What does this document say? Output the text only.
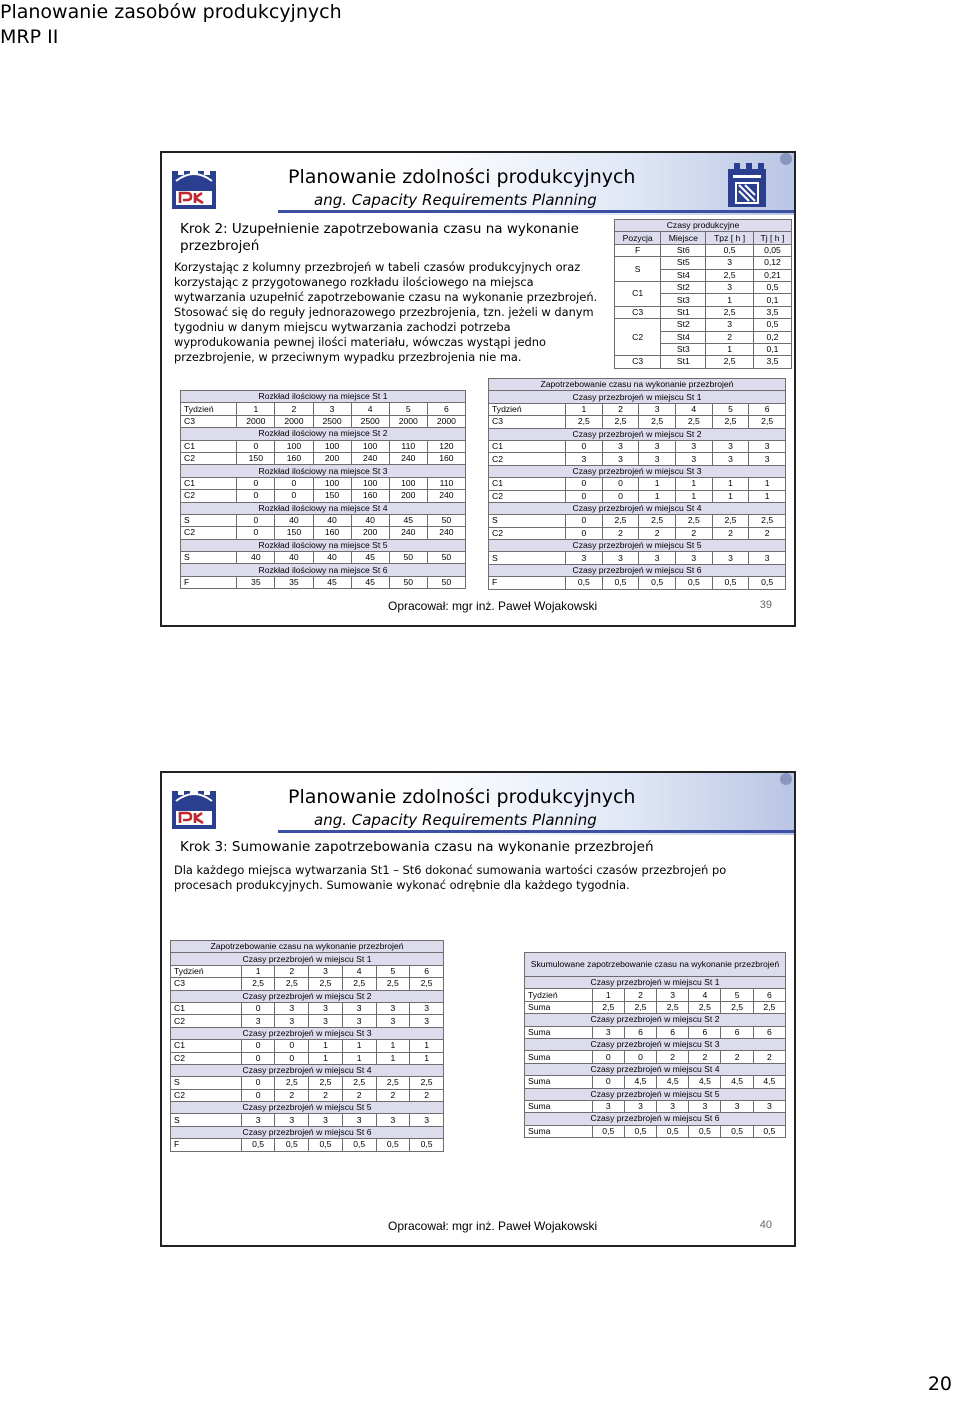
Planowanie zasobów produkcyjnych
MRP II
Planowanie zdolności produkcyjnych
ang. Capacity Requirements Planning
Krok 2: Uzupełnienie zapotrzebowania czasu na wykonanie przezbrojeń
Korzystając z kolumny przezbrojeń w tabeli czasów produkcyjnych oraz korzystając z przygotowanego rozkładu ilościowego na miejsca wytwarzania uzupełnić zapotrzebowanie czasu na wykonanie przezbrojeń. Stosować się do reguły jednorazowego przezbrojenia, tzn. jeżeli w danym tygodniu w danym miejscu wytwarzania zachodzi potrzeba wyprodukowania pewnej ilości materiału, wówczas wystąpi jedno przezbrojenie, w przeciwnym wypadku przezbrojenia nie ma.
Czasy produkcyjne			
Pozycja	Miejsce	Tpz [ h ]	Tj [ h ]
F	St6	0,5	0,05
S	St5	3	0,12
	St4	2,5	0,21
C1	St2	3	0,5
	St3	1	0,1
C3	St1	2,5	3,5
C2	St2	3	0,5
	St4	2	0,2
	St3	1	0,1
C3	St1	2,5	3,5
Rozkład ilościowy na miejsce St 1						
Tydzień	1	2	3	4	5	6
C3	2000	2000	2500	2500	2000	2000
Rozkład ilościowy na miejsce St 2						
C1	0	100	100	100	110	120
C2	150	160	200	240	240	160
Rozkład ilościowy na miejsce St 3						
C1	0	0	100	100	100	110
C2	0	0	150	160	200	240
Rozkład ilościowy na miejsce St 4						
S	0	40	40	40	45	50
C2	0	150	160	200	240	240
Rozkład ilościowy na miejsce St 5						
S	40	40	40	45	50	50
Rozkład ilościowy na miejsce St 6						
F	35	35	45	45	50	50
Zapotrzebowanie czasu na wykonanie przezbrojeń						
Czasy przezbrojeń w miejscu St 1						
Tydzień	1	2	3	4	5	6
C3	2,5	2,5	2,5	2,5	2,5	2,5
Czasy przezbrojeń w miejscu St 2						
C1	0	3	3	3	3	3
C2	3	3	3	3	3	3
Czasy przezbrojeń w miejscu St 3						
C1	0	0	1	1	1	1
C2	0	0	1	1	1	1
Czasy przezbrojeń w miejscu St 4						
S	0	2,5	2,5	2,5	2,5	2,5
C2	0	2	2	2	2	2
Czasy przezbrojeń w miejscu St 5						
S	3	3	3	3	3	3
Czasy przezbrojeń w miejscu St 6						
F	0,5	0,5	0,5	0,5	0,5	0,5
Opracował: mgr inż. Paweł Wojakowski	39
Planowanie zdolności produkcyjnych
ang. Capacity Requirements Planning
Krok 3: Sumowanie zapotrzebowania czasu na wykonanie przezbrojeń
Dla każdego miejsca wytwarzania St1 – St6 dokonać sumowania wartości czasów przezbrojeń po procesach produkcyjnych. Sumowanie wykonać odrębnie dla każdego tygodnia.
Zapotrzebowanie czasu na wykonanie przezbrojeń						
Czasy przezbrojeń w miejscu St 1						
Tydzień	1	2	3	4	5	6
C3	2,5	2,5	2,5	2,5	2,5	2,5
Czasy przezbrojeń w miejscu St 2						
C1	0	3	3	3	3	3
C2	3	3	3	3	3	3
Czasy przezbrojeń w miejscu St 3						
C1	0	0	1	1	1	1
C2	0	0	1	1	1	1
Czasy przezbrojeń w miejscu St 4						
S	0	2,5	2,5	2,5	2,5	2,5
C2	0	2	2	2	2	2
Czasy przezbrojeń w miejscu St 5						
S	3	3	3	3	3	3
Czasy przezbrojeń w miejscu St 6						
F	0,5	0,5	0,5	0,5	0,5	0,5
Skumulowane zapotrzebowanie czasu na wykonanie przezbrojeń						
Czasy przezbrojeń w miejscu St 1						
Tydzień	1	2	3	4	5	6
Suma	2,5	2,5	2,5	2,5	2,5	2,5
Czasy przezbrojeń w miejscu St 2						
Suma	3	6	6	6	6	6
Czasy przezbrojeń w miejscu St 3						
Suma	0	0	2	2	2	2
Czasy przezbrojeń w miejscu St 4						
Suma	0	4,5	4,5	4,5	4,5	4,5
Czasy przezbrojeń w miejscu St 5						
Suma	3	3	3	3	3	3
Czasy przezbrojeń w miejscu St 6						
Suma	0,5	0,5	0,5	0,5	0,5	0,5
Opracował: mgr inż. Paweł Wojakowski	40
20
